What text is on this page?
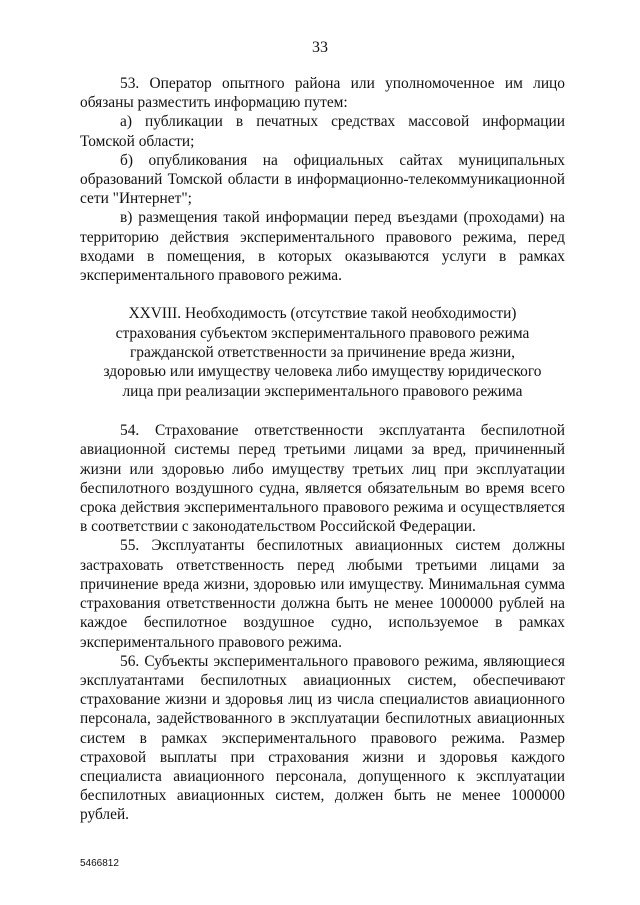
33

53. Оператор опытного района или уполномоченное им лицо обязаны разместить информацию путем:

а) публикации в печатных средствах массовой информации Томской области;

б) опубликования на официальных сайтах муниципальных образований Томской области в информационно-телекоммуникационной сети "Интернет";

в) размещения такой информации перед въездами (проходами) на территорию действия экспериментального правового режима, перед входами в помещения, в которых оказываются услуги в рамках экспериментального правового режима.

XXVIII. Необходимость (отсутствие такой необходимости)
страхования субъектом экспериментального правового режима
гражданской ответственности за причинение вреда жизни,
здоровью или имуществу человека либо имуществу юридического
лица при реализации экспериментального правового режима

54. Страхование ответственности эксплуатанта беспилотной авиационной системы перед третьими лицами за вред, причиненный жизни или здоровью либо имуществу третьих лиц при эксплуатации беспилотного воздушного судна, является обязательным во время всего срока действия экспериментального правового режима и осуществляется в соответствии с законодательством Российской Федерации.

55. Эксплуатанты беспилотных авиационных систем должны застраховать ответственность перед любыми третьими лицами за причинение вреда жизни, здоровью или имуществу. Минимальная сумма страхования ответственности должна быть не менее 1000000 рублей на каждое беспилотное воздушное судно, используемое в рамках экспериментального правового режима.

56. Субъекты экспериментального правового режима, являющиеся эксплуатантами беспилотных авиационных систем, обеспечивают страхование жизни и здоровья лиц из числа специалистов авиационного персонала, задействованного в эксплуатации беспилотных авиационных систем в рамках экспериментального правового режима. Размер страховой выплаты при страхования жизни и здоровья каждого специалиста авиационного персонала, допущенного к эксплуатации беспилотных авиационных систем, должен быть не менее 1000000 рублей.

5466812
